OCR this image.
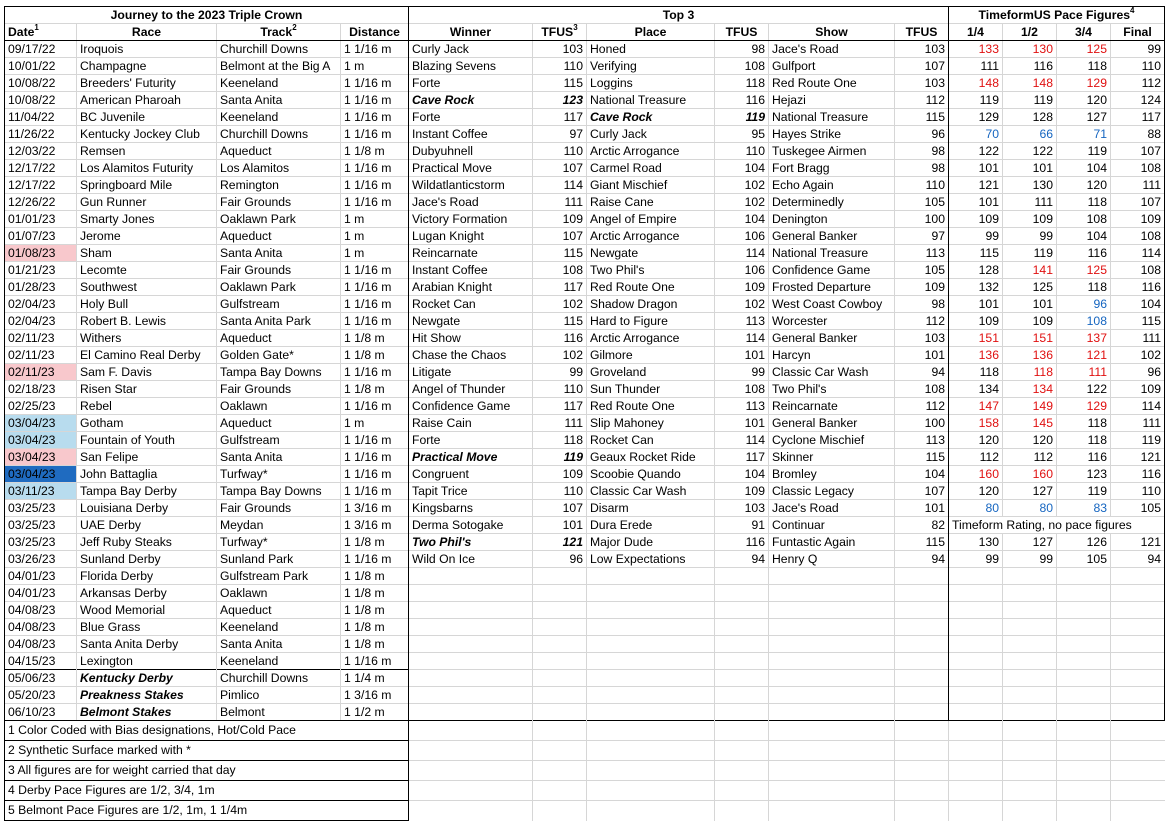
Journey to the 2023 Triple Crown				Top 3						TimeformUS Pace Figures$^4$
Date$^1$	Race	Track$^2$	Distance	Winner	TFUS$^3$	Place	TFUS	Show	TFUS	1/4	1/2	3/4	Final
09/17/22	Iroquois	Churchill Downs	1 1/16 m	Curly Jack	103	Honed	98	Jace's Road	103	133	130	125	99
10/01/22	Champagne	Belmont at the Big A	1 m	Blazing Sevens	110	Verifying	108	Gulfport	107	111	116	118	110
10/08/22	Breeders' Futurity	Keeneland	1 1/16 m	Forte	115	Loggins	118	Red Route One	103	148	148	129	112
10/08/22	American Pharoah	Santa Anita	1 1/16 m	Cave Rock	123	National Treasure	116	Hejazi	112	119	119	120	124
11/04/22	BC Juvenile	Keeneland	1 1/16 m	Forte	117	Cave Rock	119	National Treasure	115	129	128	127	117
11/26/22	Kentucky Jockey Club	Churchill Downs	1 1/16 m	Instant Coffee	97	Curly Jack	95	Hayes Strike	96	70	66	71	88
12/03/22	Remsen	Aqueduct	1 1/8 m	Dubyuhnell	110	Arctic Arrogance	110	Tuskegee Airmen	98	122	122	119	107
12/17/22	Los Alamitos Futurity	Los Alamitos	1 1/16 m	Practical Move	107	Carmel Road	104	Fort Bragg	98	101	101	104	108
12/17/22	Springboard Mile	Remington	1 1/16 m	Wildatlanticstorm	114	Giant Mischief	102	Echo Again	110	121	130	120	111
12/26/22	Gun Runner	Fair Grounds	1 1/16 m	Jace's Road	111	Raise Cane	102	Determinedly	105	101	111	118	107
01/01/23	Smarty Jones	Oaklawn Park	1 m	Victory Formation	109	Angel of Empire	104	Denington	100	109	109	108	109
01/07/23	Jerome	Aqueduct	1 m	Lugan Knight	107	Arctic Arrogance	106	General Banker	97	99	99	104	108
01/08/23	Sham	Santa Anita	1 m	Reincarnate	115	Newgate	114	National Treasure	113	115	119	116	114
01/21/23	Lecomte	Fair Grounds	1 1/16 m	Instant Coffee	108	Two Phil's	106	Confidence Game	105	128	141	125	108
01/28/23	Southwest	Oaklawn Park	1 1/16 m	Arabian Knight	117	Red Route One	109	Frosted Departure	109	132	125	118	116
02/04/23	Holy Bull	Gulfstream	1 1/16 m	Rocket Can	102	Shadow Dragon	102	West Coast Cowboy	98	101	101	96	104
02/04/23	Robert B. Lewis	Santa Anita Park	1 1/16 m	Newgate	115	Hard to Figure	113	Worcester	112	109	109	108	115
02/11/23	Withers	Aqueduct	1 1/8 m	Hit Show	116	Arctic Arrogance	114	General Banker	103	151	151	137	111
02/11/23	El Camino Real Derby	Golden Gate*	1 1/8 m	Chase the Chaos	102	Gilmore	101	Harcyn	101	136	136	121	102
02/11/23	Sam F. Davis	Tampa Bay Downs	1 1/16 m	Litigate	99	Groveland	99	Classic Car Wash	94	118	118	111	96
02/18/23	Risen Star	Fair Grounds	1 1/8 m	Angel of Thunder	110	Sun Thunder	108	Two Phil's	108	134	134	122	109
02/25/23	Rebel	Oaklawn	1 1/16 m	Confidence Game	117	Red Route One	113	Reincarnate	112	147	149	129	114
03/04/23	Gotham	Aqueduct	1 m	Raise Cain	111	Slip Mahoney	101	General Banker	100	158	145	118	111
03/04/23	Fountain of Youth	Gulfstream	1 1/16 m	Forte	118	Rocket Can	114	Cyclone Mischief	113	120	120	118	119
03/04/23	San Felipe	Santa Anita	1 1/16 m	Practical Move	119	Geaux Rocket Ride	117	Skinner	115	112	112	116	121
03/04/23	John Battaglia	Turfway*	1 1/16 m	Congruent	109	Scoobie Quando	104	Bromley	104	160	160	123	116
03/11/23	Tampa Bay Derby	Tampa Bay Downs	1 1/16 m	Tapit Trice	110	Classic Car Wash	109	Classic Legacy	107	120	127	119	110
03/25/23	Louisiana Derby	Fair Grounds	1 3/16 m	Kingsbarns	107	Disarm	103	Jace's Road	101	80	80	83	105
03/25/23	UAE Derby	Meydan	1 3/16 m	Derma Sotogake	101	Dura Erede	91	Continuar	82	Timeform Rating, no pace figures			
03/25/23	Jeff Ruby Steaks	Turfway*	1 1/8 m	Two Phil's	121	Major Dude	116	Funtastic Again	115	130	127	126	121
03/26/23	Sunland Derby	Sunland Park	1 1/16 m	Wild On Ice	96	Low Expectations	94	Henry Q	94	99	99	105	94
04/01/23	Florida Derby	Gulfstream Park	1 1/8 m										
04/01/23	Arkansas Derby	Oaklawn	1 1/8 m										
04/08/23	Wood Memorial	Aqueduct	1 1/8 m										
04/08/23	Blue Grass	Keeneland	1 1/8 m										
04/08/23	Santa Anita Derby	Santa Anita	1 1/8 m										
04/15/23	Lexington	Keeneland	1 1/16 m										
05/06/23	Kentucky Derby	Churchill Downs	1 1/4 m										
05/20/23	Preakness Stakes	Pimlico	1 3/16 m										
06/10/23	Belmont Stakes	Belmont	1 1/2 m										
1 Color Coded with Bias designations, Hot/Cold Pace													
2 Synthetic Surface marked with *													
3 All figures are for weight carried that day													
4 Derby Pace Figures are 1/2, 3/4, 1m													
5 Belmont Pace Figures are 1/2, 1m, 1 1/4m													
